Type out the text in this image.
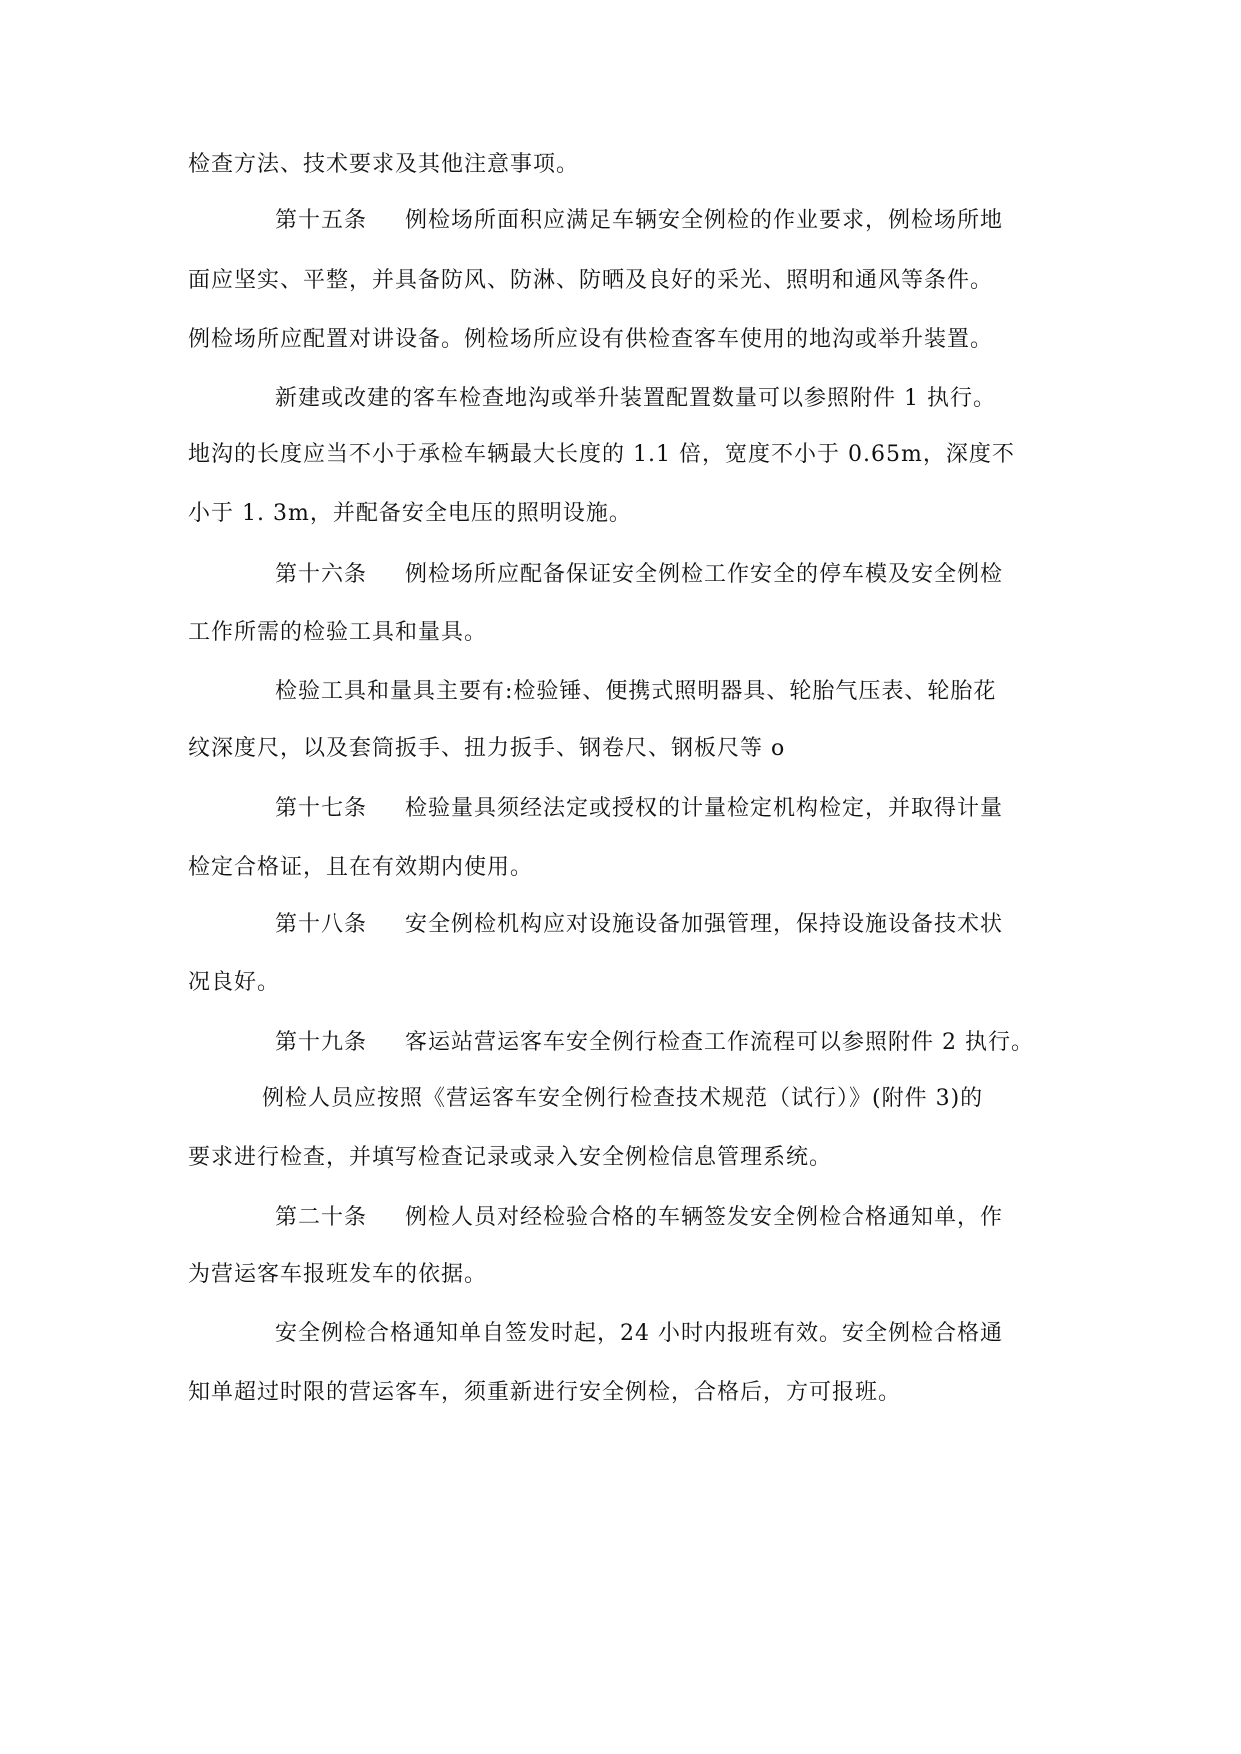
检查方法、技术要求及其他注意事项。
第十五条 例检场所面积应满足车辆安全例检的作业要求，例检场所地
面应坚实、平整，并具备防风、防淋、防晒及良好的采光、照明和通风等条件。
例检场所应配置对讲设备。例检场所应设有供检查客车使用的地沟或举升装置。
新建或改建的客车检查地沟或举升装置配置数量可以参照附件 1 执行。
地沟的长度应当不小于承检车辆最大长度的 1.1 倍，宽度不小于 0.65m，深度不
小于 1. 3m，并配备安全电压的照明设施。
第十六条 例检场所应配备保证安全例检工作安全的停车模及安全例检
工作所需的检验工具和量具。
检验工具和量具主要有:检验锤、便携式照明器具、轮胎气压表、轮胎花
纹深度尺，以及套筒扳手、扭力扳手、钢卷尺、钢板尺等 o
第十七条 检验量具须经法定或授权的计量检定机构检定，并取得计量
检定合格证，且在有效期内使用。
第十八条 安全例检机构应对设施设备加强管理，保持设施设备技术状
况良好。
第十九条 客运站营运客车安全例行检查工作流程可以参照附件 2 执行。
例检人员应按照《营运客车安全例行检查技术规范（试行）》(附件 3)的
要求进行检查，并填写检查记录或录入安全例检信息管理系统。
第二十条 例检人员对经检验合格的车辆签发安全例检合格通知单，作
为营运客车报班发车的依据。
安全例检合格通知单自签发时起，24 小时内报班有效。安全例检合格通
知单超过时限的营运客车，须重新进行安全例检，合格后，方可报班。
